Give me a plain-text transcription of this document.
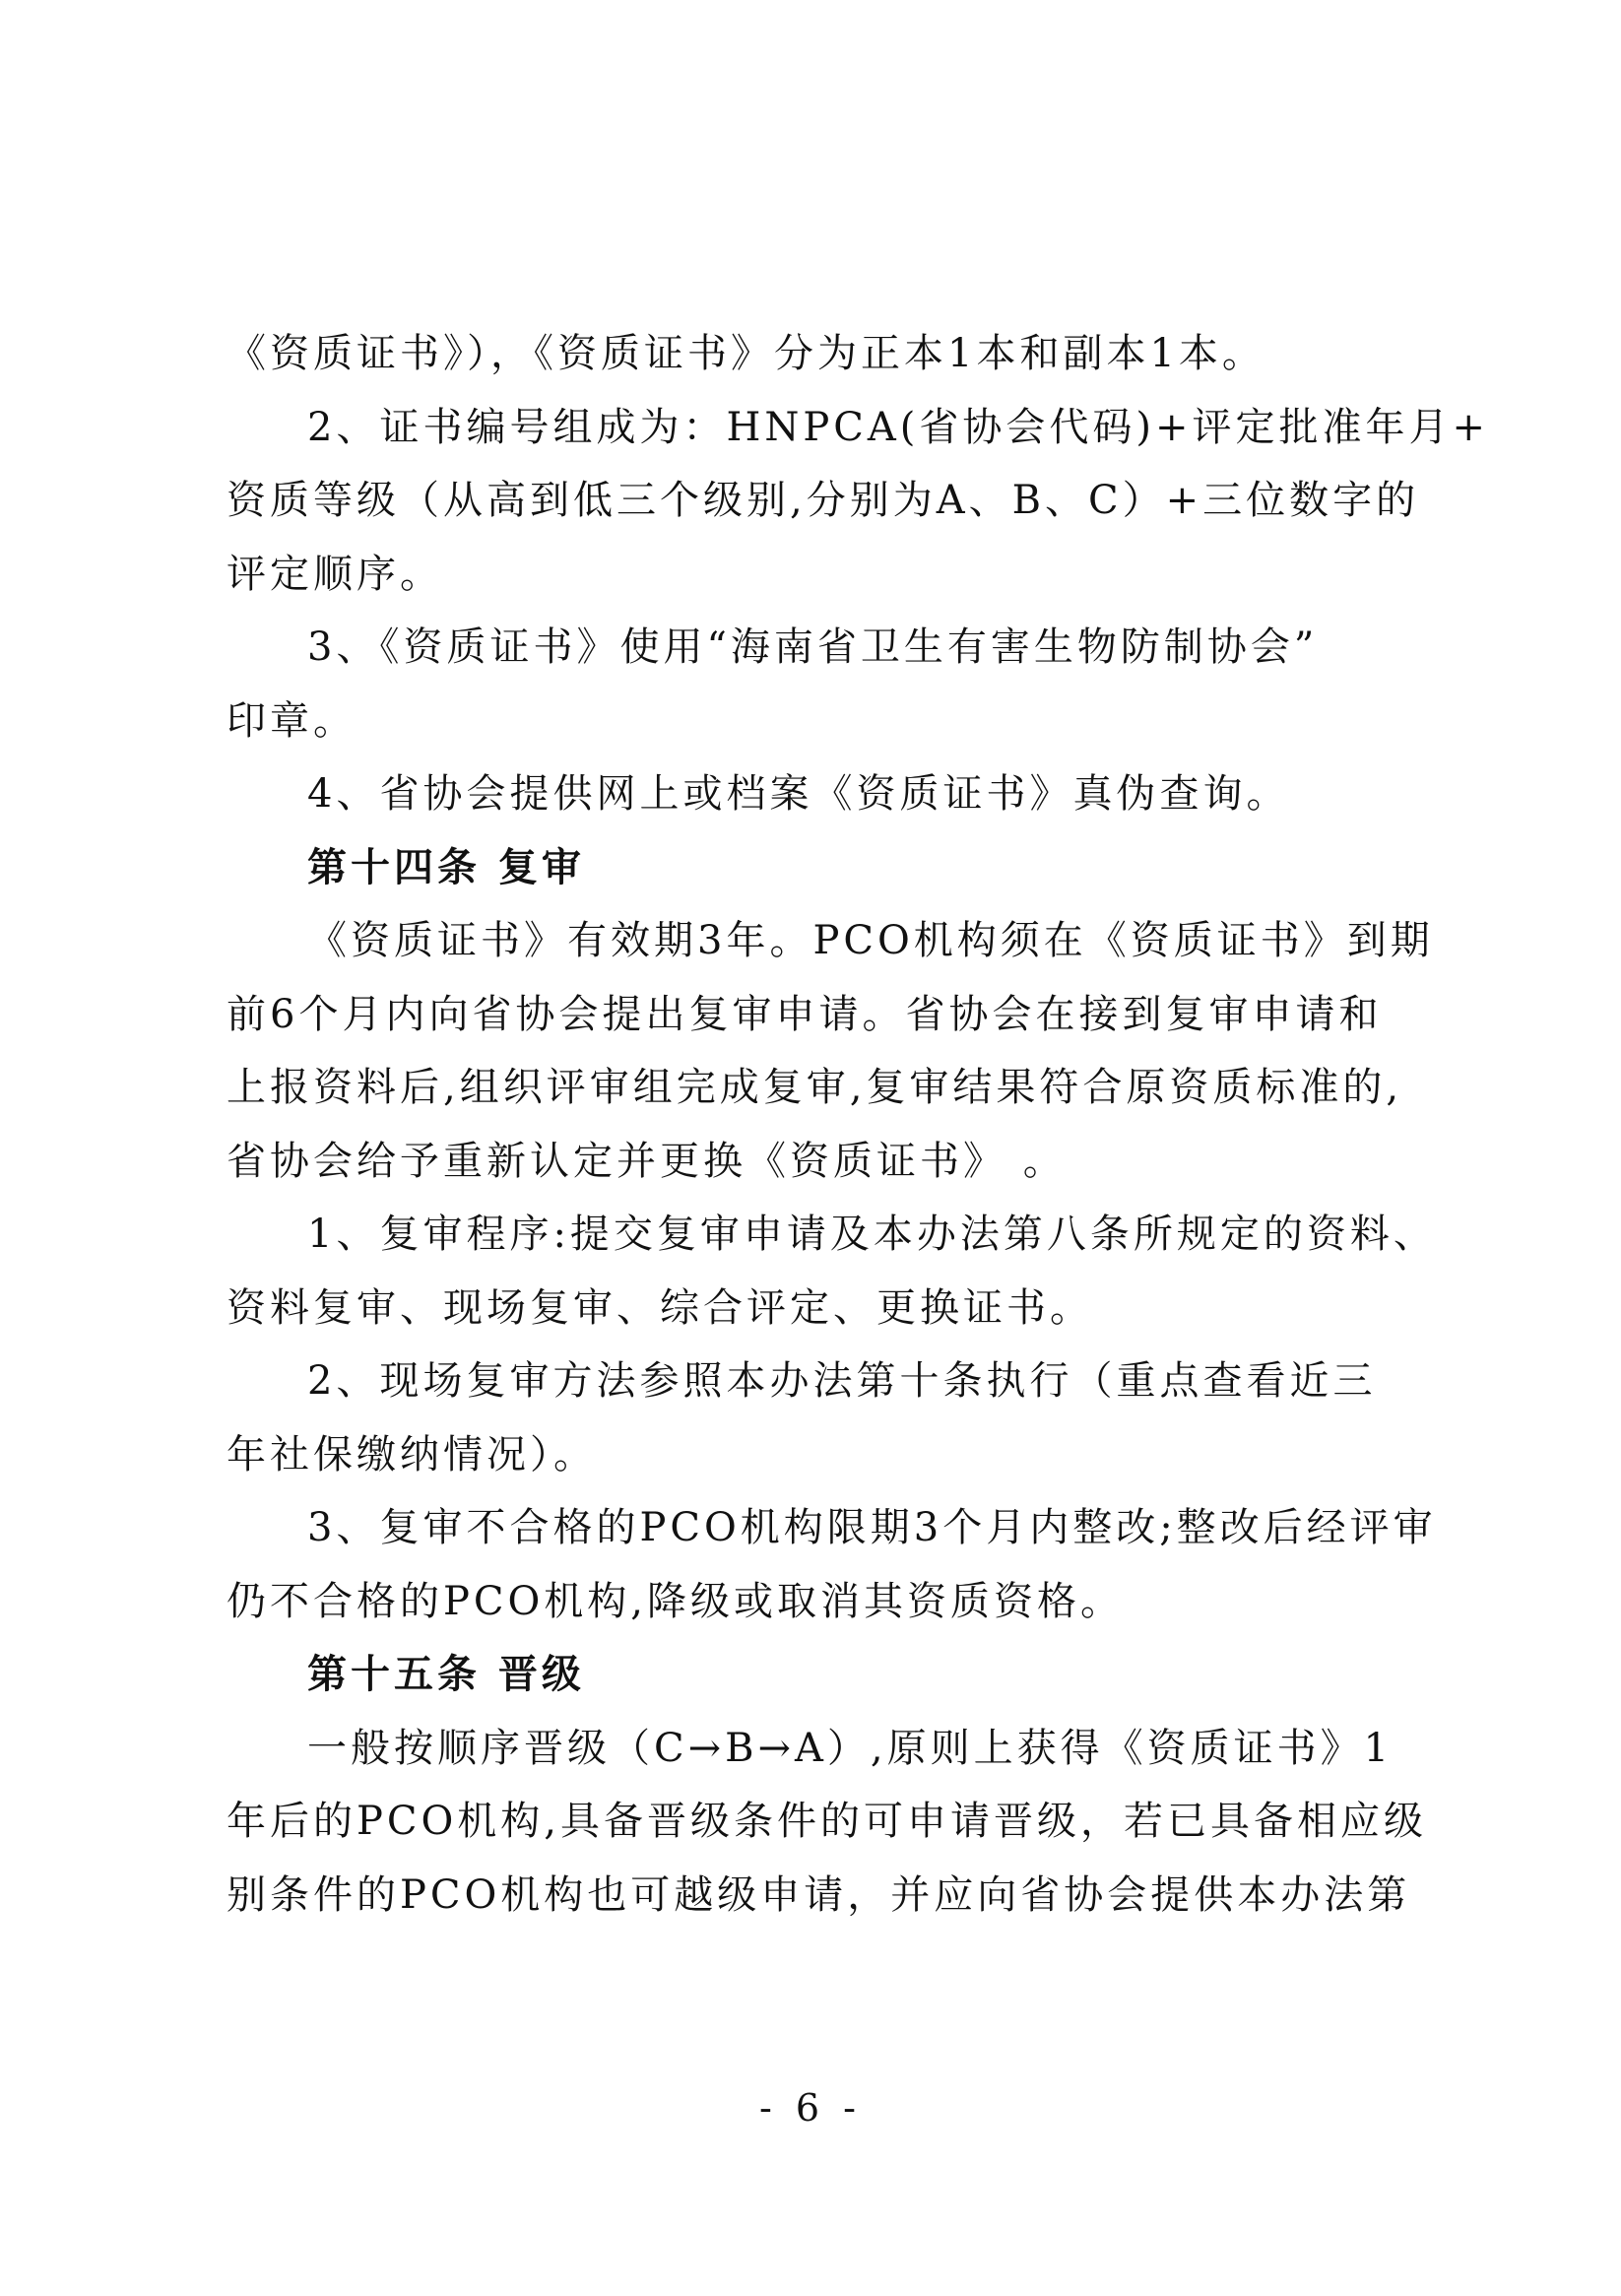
《资质证书》），《资质证书》分为正本1本和副本1本。
2、证书编号组成为：HNPCA(省协会代码)+评定批准年月+
资质等级（从高到低三个级别,分别为A、B、C）+三位数字的
评定顺序。
3、《资质证书》使用“海南省卫生有害生物防制协会”
印章。
4、省协会提供网上或档案《资质证书》真伪查询。
第十四条 复审
《资质证书》有效期3年。PCO机构须在《资质证书》到期
前6个月内向省协会提出复审申请。省协会在接到复审申请和
上报资料后,组织评审组完成复审,复审结果符合原资质标准的,
省协会给予重新认定并更换《资质证书》 。
1、复审程序:提交复审申请及本办法第八条所规定的资料、
资料复审、现场复审、综合评定、更换证书。
2、现场复审方法参照本办法第十条执行（重点查看近三
年社保缴纳情况）。
3、复审不合格的PCO机构限期3个月内整改;整改后经评审
仍不合格的PCO机构,降级或取消其资质资格。
第十五条 晋级
一般按顺序晋级（C→B→A）,原则上获得《资质证书》1
年后的PCO机构,具备晋级条件的可申请晋级，若已具备相应级
别条件的PCO机构也可越级申请，并应向省协会提供本办法第
- 6 -
